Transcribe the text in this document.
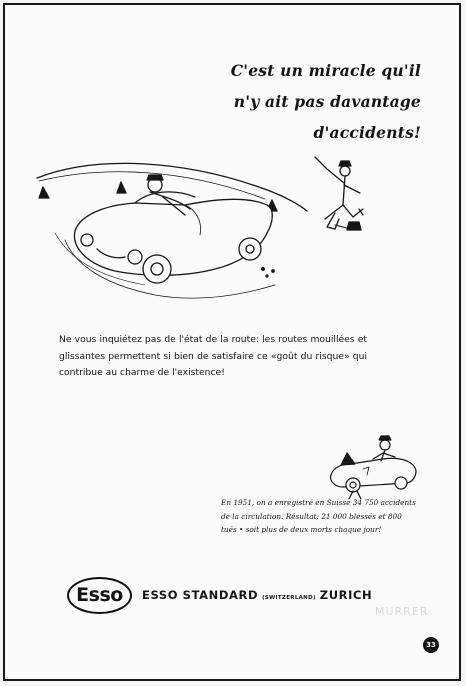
C'est un miracle qu'il
n'y ait pas davantage
d'accidents!
Ne vous inquiétez pas de l'état de la route: les routes mouillées et glissantes permettent si bien de satisfaire ce «goût du risque» qui contribue au charme de l'existence!
En 1951, on a enregistré en Suisse 34 750 accidents de la circulation. Résultat: 21 000 blessés et 800 tués • soit plus de deux morts chaque jour!
Esso	ESSO STANDARD (SWITZERLAND) ZURICH
MURRER
33
